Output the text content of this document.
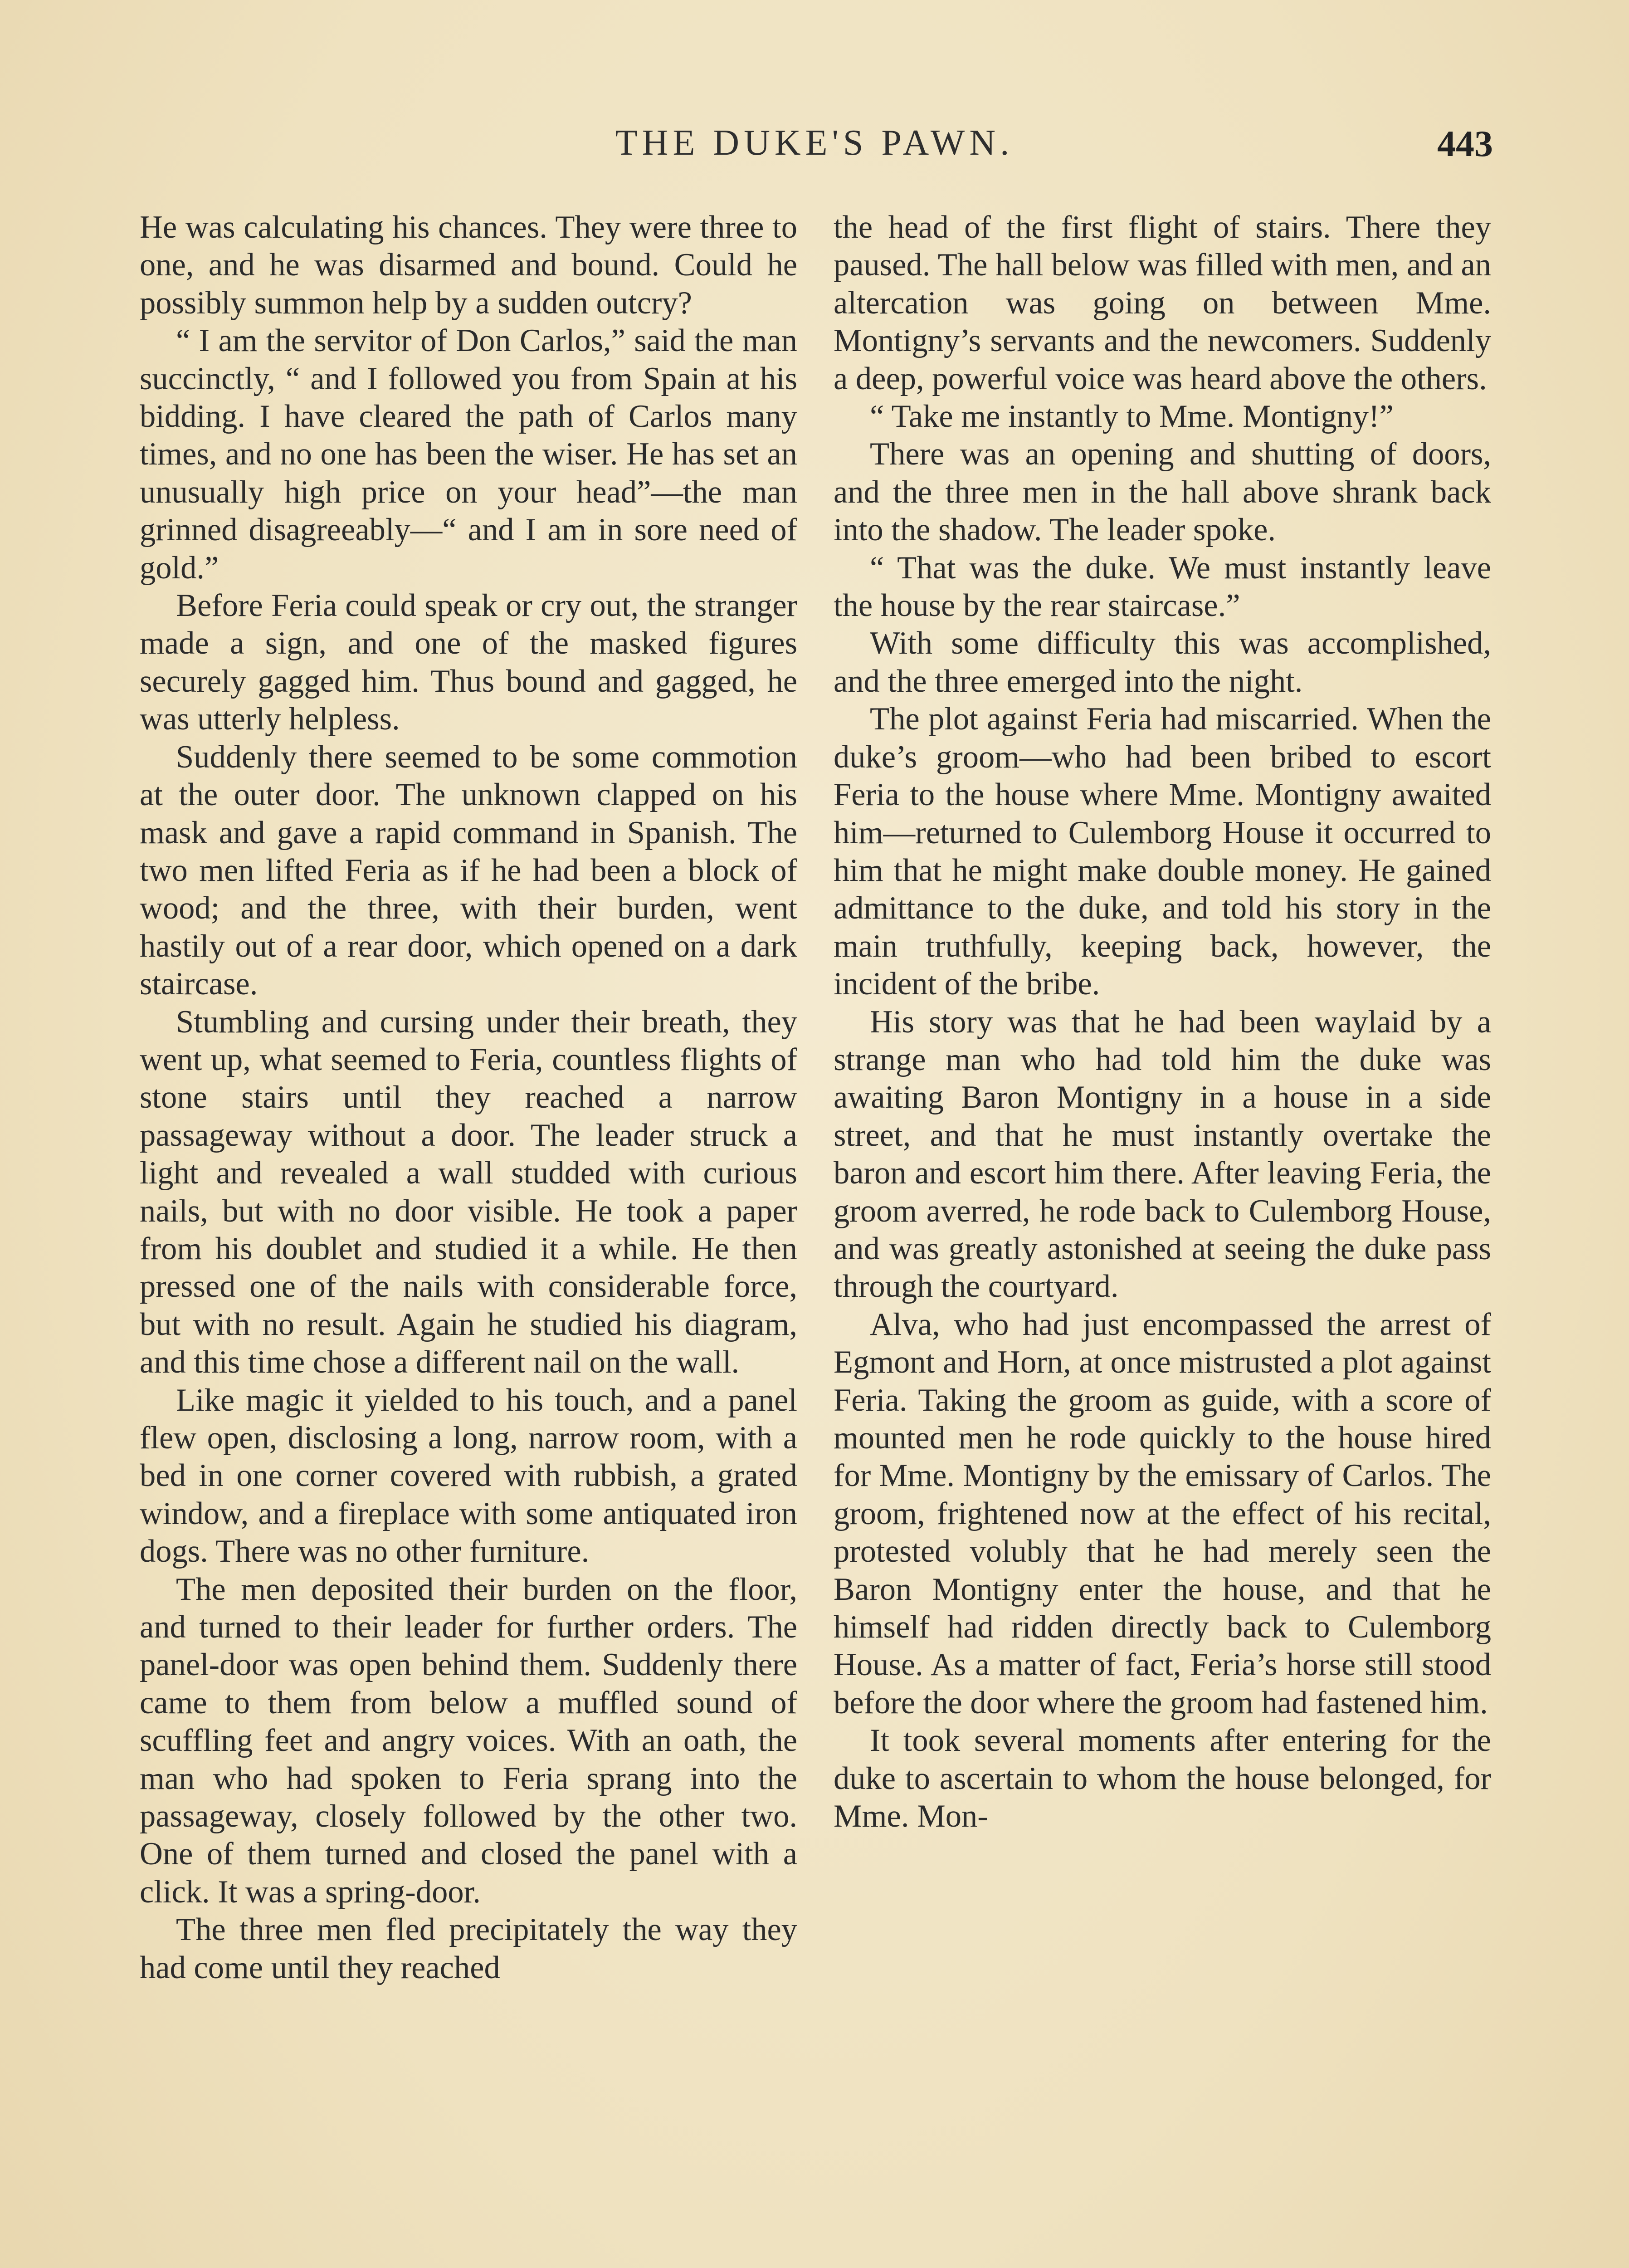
THE DUKE'S PAWN.	443

He was calculating his chances. They were three to one, and he was disarmed and bound. Could he possibly summon help by a sudden outcry?

“ I am the servitor of Don Carlos,” said the man succinctly, “ and I followed you from Spain at his bidding. I have cleared the path of Carlos many times, and no one has been the wiser. He has set an unusually high price on your head”—the man grinned disagreeably—“ and I am in sore need of gold.”

Before Feria could speak or cry out, the stranger made a sign, and one of the masked figures securely gagged him. Thus bound and gagged, he was utterly helpless.

Suddenly there seemed to be some commotion at the outer door. The unknown clapped on his mask and gave a rapid command in Spanish. The two men lifted Feria as if he had been a block of wood; and the three, with their burden, went hastily out of a rear door, which opened on a dark staircase.

Stumbling and cursing under their breath, they went up, what seemed to Feria, countless flights of stone stairs until they reached a narrow passageway without a door. The leader struck a light and revealed a wall studded with curious nails, but with no door visible. He took a paper from his doublet and studied it a while. He then pressed one of the nails with considerable force, but with no result. Again he studied his diagram, and this time chose a different nail on the wall.

Like magic it yielded to his touch, and a panel flew open, disclosing a long, narrow room, with a bed in one corner covered with rubbish, a grated window, and a fireplace with some antiquated iron dogs. There was no other furniture.

The men deposited their burden on the floor, and turned to their leader for further orders. The panel-door was open behind them. Suddenly there came to them from below a muffled sound of scuffling feet and angry voices. With an oath, the man who had spoken to Feria sprang into the passageway, closely followed by the other two. One of them turned and closed the panel with a click. It was a spring-door.

The three men fled precipitately the way they had come until they reached

the head of the first flight of stairs. There they paused. The hall below was filled with men, and an altercation was going on between Mme. Montigny’s servants and the newcomers. Suddenly a deep, powerful voice was heard above the others.

“ Take me instantly to Mme. Montigny!”

There was an opening and shutting of doors, and the three men in the hall above shrank back into the shadow. The leader spoke.

“ That was the duke. We must instantly leave the house by the rear staircase.”

With some difficulty this was accomplished, and the three emerged into the night.

The plot against Feria had miscarried. When the duke’s groom—who had been bribed to escort Feria to the house where Mme. Montigny awaited him—returned to Culemborg House it occurred to him that he might make double money. He gained admittance to the duke, and told his story in the main truthfully, keeping back, however, the incident of the bribe.

His story was that he had been waylaid by a strange man who had told him the duke was awaiting Baron Montigny in a house in a side street, and that he must instantly overtake the baron and escort him there. After leaving Feria, the groom averred, he rode back to Culemborg House, and was greatly astonished at seeing the duke pass through the courtyard.

Alva, who had just encompassed the arrest of Egmont and Horn, at once mistrusted a plot against Feria. Taking the groom as guide, with a score of mounted men he rode quickly to the house hired for Mme. Montigny by the emissary of Carlos. The groom, frightened now at the effect of his recital, protested volubly that he had merely seen the Baron Montigny enter the house, and that he himself had ridden directly back to Culemborg House. As a matter of fact, Feria’s horse still stood before the door where the groom had fastened him.

It took several moments after entering for the duke to ascertain to whom the house belonged, for Mme. Mon-
